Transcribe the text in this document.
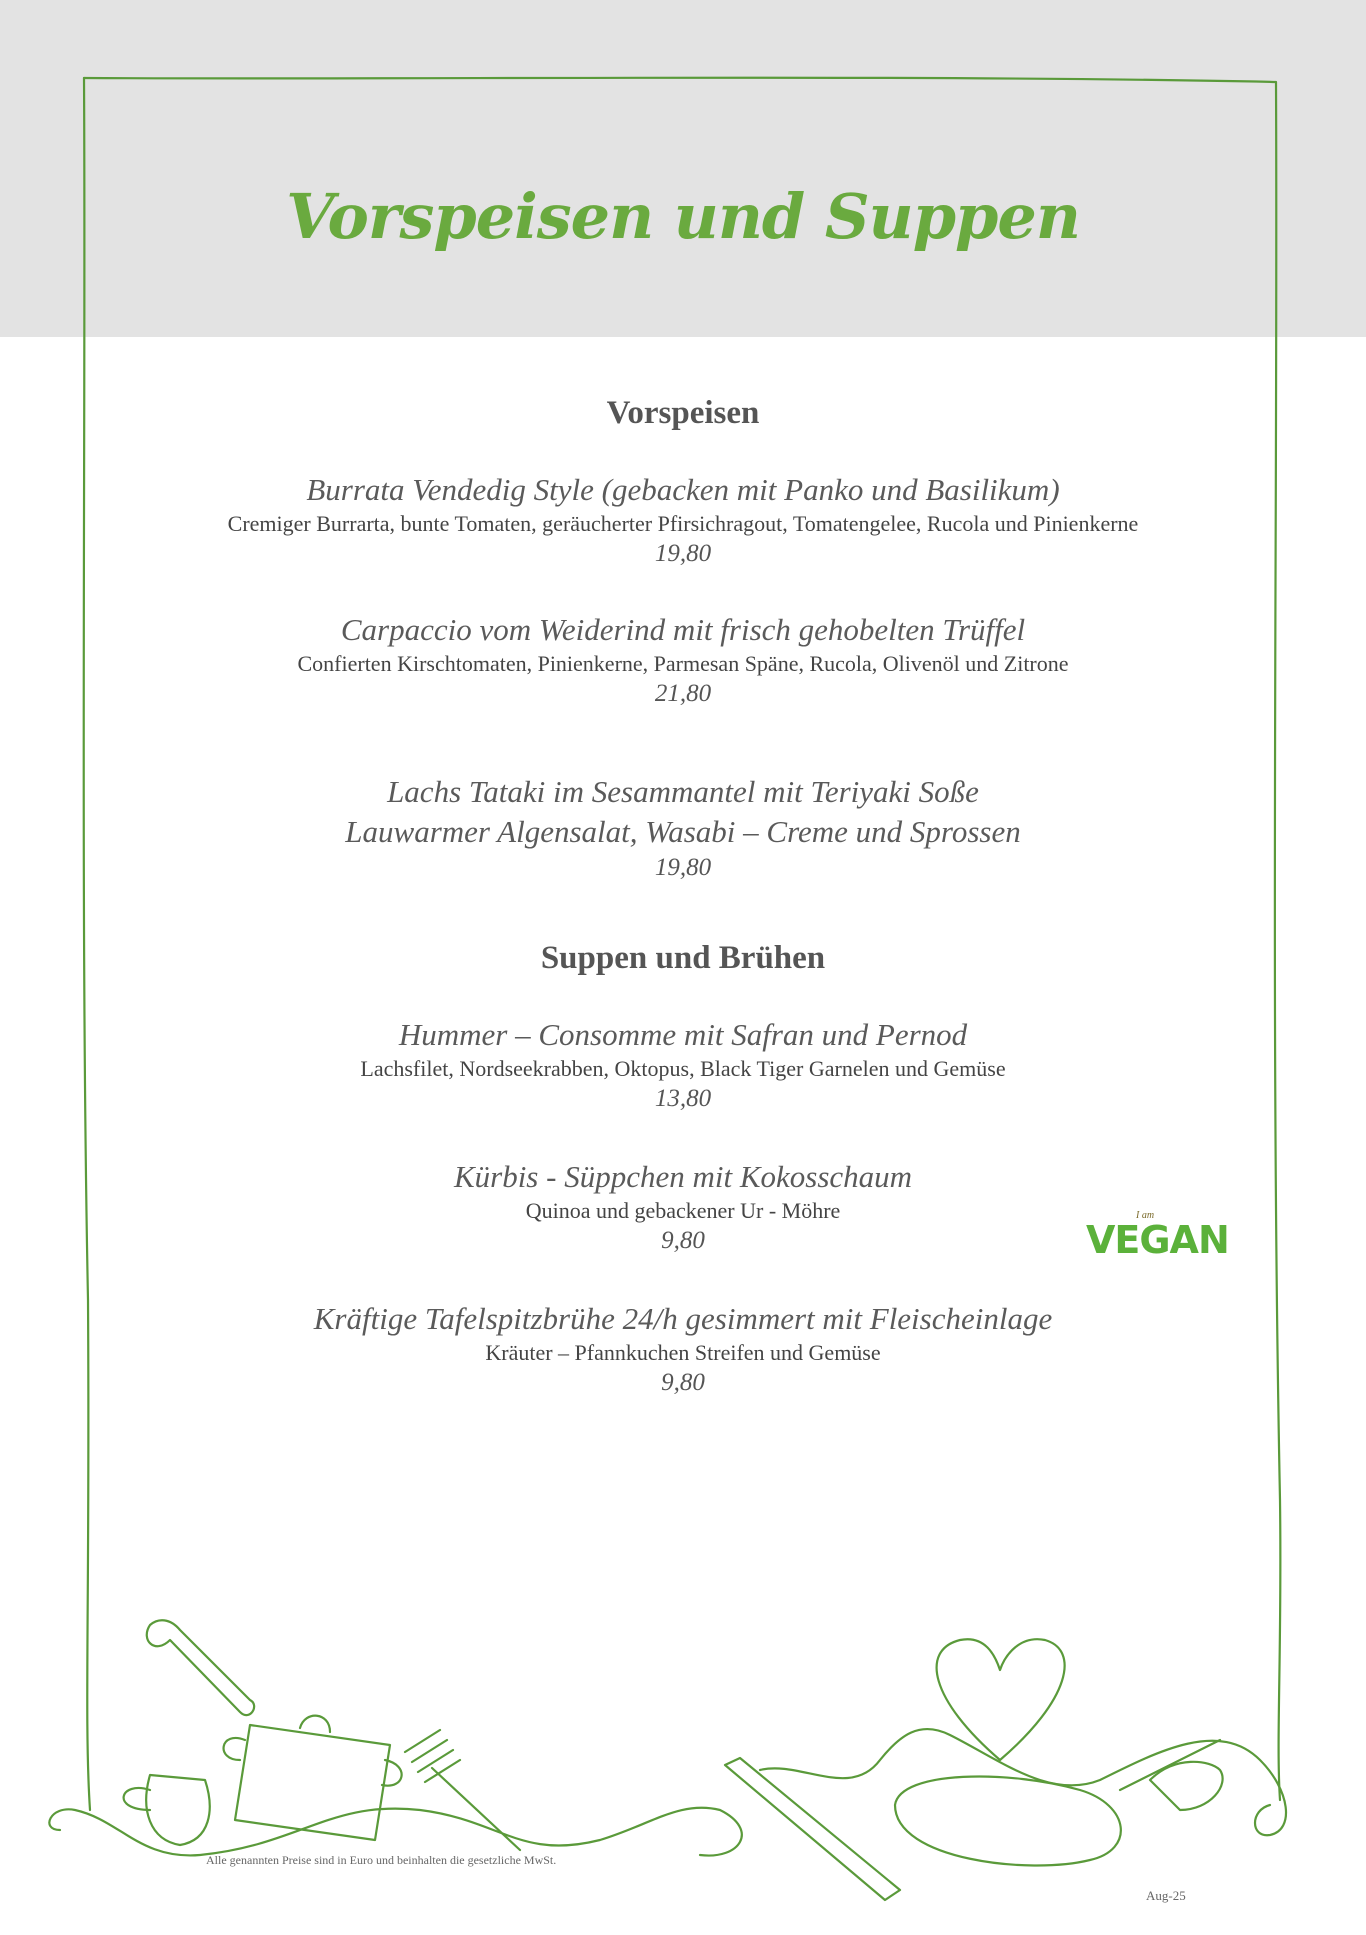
Vorspeisen und Suppen
Vorspeisen
Burrata Vendedig Style (gebacken mit Panko und Basilikum)
Cremiger Burrarta, bunte Tomaten, geräucherter Pfirsichragout, Tomatengelee, Rucola und Pinienkerne
19,80
Carpaccio vom Weiderind mit frisch gehobelten Trüffel
Confierten Kirschtomaten, Pinienkerne, Parmesan Späne, Rucola, Olivenöl und Zitrone
21,80
Lachs Tataki im Sesammantel mit Teriyaki Soße
Lauwarmer Algensalat, Wasabi – Creme und Sprossen
19,80
Suppen und Brühen
Hummer – Consomme mit Safran und Pernod
Lachsfilet, Nordseekrabben, Oktopus, Black Tiger Garnelen und Gemüse
13,80
Kürbis - Süppchen mit Kokosschaum
Quinoa und gebackener Ur - Möhre
9,80
Kräftige Tafelspitzbrühe 24/h gesimmert mit Fleischeinlage
Kräuter – Pfannkuchen Streifen und Gemüse
9,80
I am
VEGAN
Alle genannten Preise sind in Euro und beinhalten die gesetzliche MwSt.
Aug-25
